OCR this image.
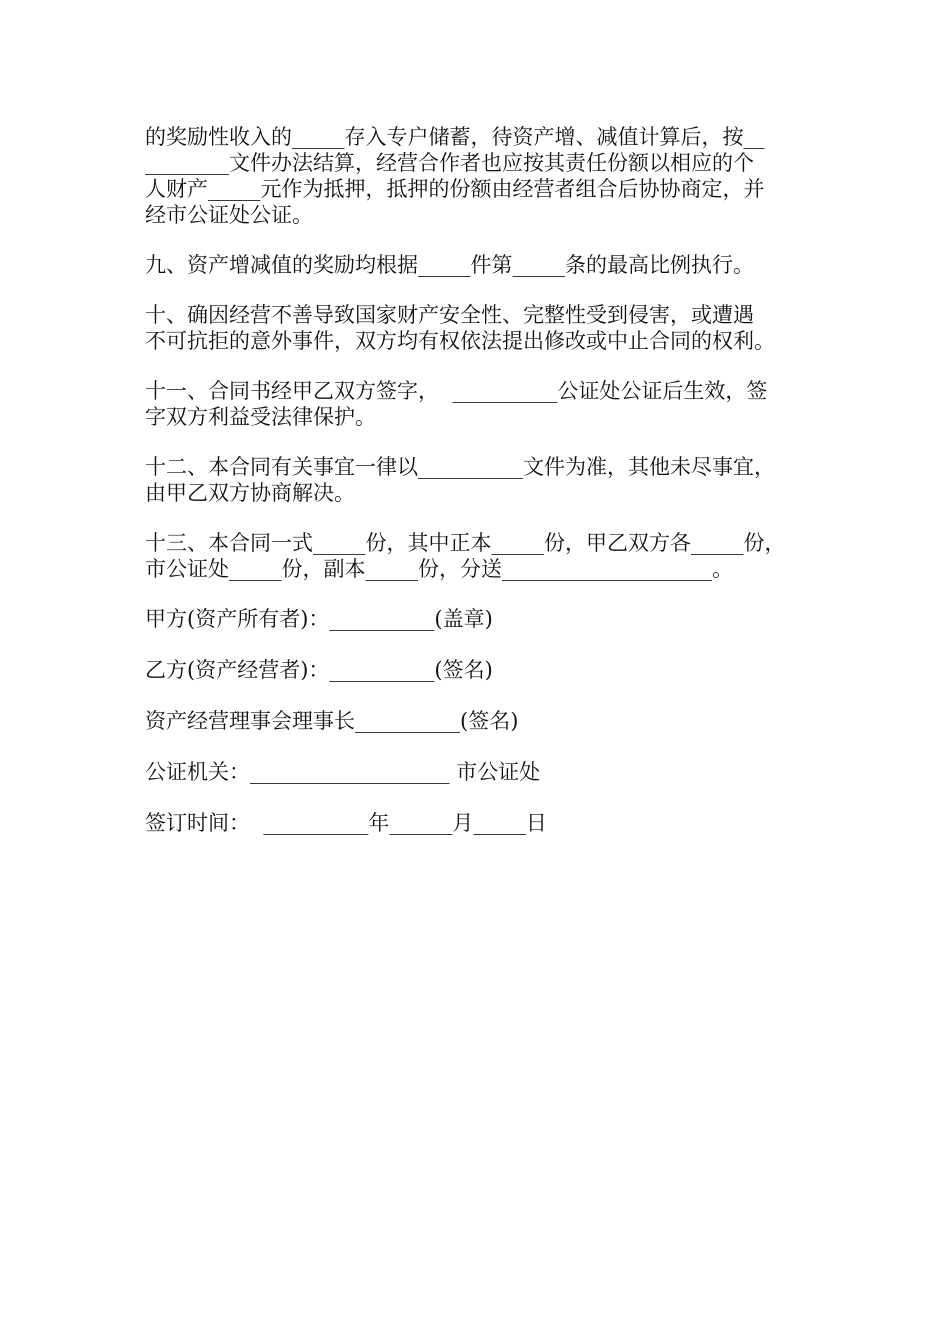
的奖励性收入的_____存入专户储蓄，待资产增、减值计算后，按__
________文件办法结算，经营合作者也应按其责任份额以相应的个
人财产_____元作为抵押，抵押的份额由经营者组合后协协商定，并
经市公证处公证。

九、资产增减值的奖励均根据_____件第_____条的最高比例执行。

十、确因经营不善导致国家财产安全性、完整性受到侵害，或遭遇
不可抗拒的意外事件，双方均有权依法提出修改或中止合同的权利。

十一、合同书经甲乙双方签字，  __________公证处公证后生效，签
字双方利益受法律保护。

十二、本合同有关事宜一律以__________文件为准，其他未尽事宜，
由甲乙双方协商解决。

十三、本合同一式_____份，其中正本_____份，甲乙双方各_____份，
市公证处_____份，副本_____份，分送____________________。

甲方(资产所有者)：__________(盖章)
乙方(资产经营者)：__________(签名)
资产经营理事会理事长__________(签名)
公证机关：___________________ 市公证处
签订时间：  __________年______月_____日
